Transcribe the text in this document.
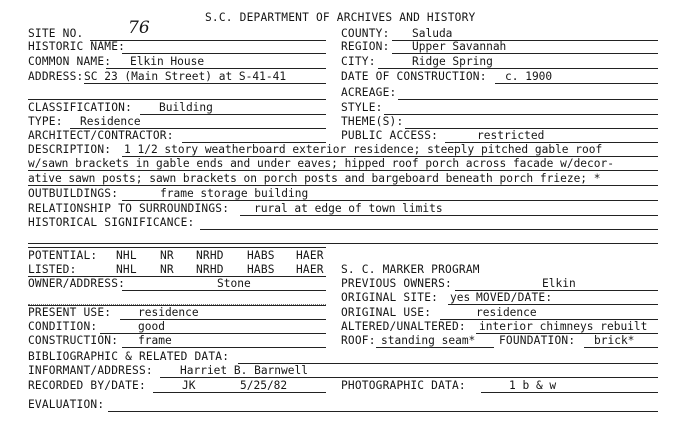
S.C. DEPARTMENT OF ARCHIVES AND HISTORY
SITE NO.	76	COUNTY: Saluda
HISTORIC NAME:	REGION: Upper Savannah
COMMON NAME: Elkin House	CITY:	Ridge Spring
ADDRESS: SC 23 (Main Street) at S-41-41	DATE OF CONSTRUCTION: c. 1900
ACREAGE:
CLASSIFICATION: Building	STYLE:
TYPE: Residence	THEME(S):
ARCHITECT/CONTRACTOR:	PUBLIC ACCESS:	restricted
DESCRIPTION: 1 1/2 story weatherboard exterior residence; steeply pitched gable roof
w/sawn brackets in gable ends and under eaves; hipped roof porch across facade w/decor-
ative sawn posts; sawn brackets on porch posts and bargeboard beneath porch frieze; *
OUTBUILDINGS:	frame storage building
RELATIONSHIP TO SURROUNDINGS: rural at edge of town limits
HISTORICAL SIGNIFICANCE:
POTENTIAL: NHL NR NRHD HABS HAER
LISTED:	NHL NR NRHD HABS HAER S. C. MARKER PROGRAM
OWNER/ADDRESS:	Stone	PREVIOUS OWNERS:	Elkin
ORIGINAL SITE: yes MOVED/DATE:
PRESENT USE: residence	ORIGINAL USE:	residence
CONDITION:	good	ALTERED/UNALTERED: interior chimneys rebuilt
CONSTRUCTION: frame	ROOF: standing seam* FOUNDATION: brick*
BIBLIOGRAPHIC & RELATED DATA:
INFORMANT/ADDRESS: Harriet B. Barnwell
RECORDED BY/DATE:	JK	5/25/82	PHOTOGRAPHIC DATA:	1 b & w
EVALUATION:
